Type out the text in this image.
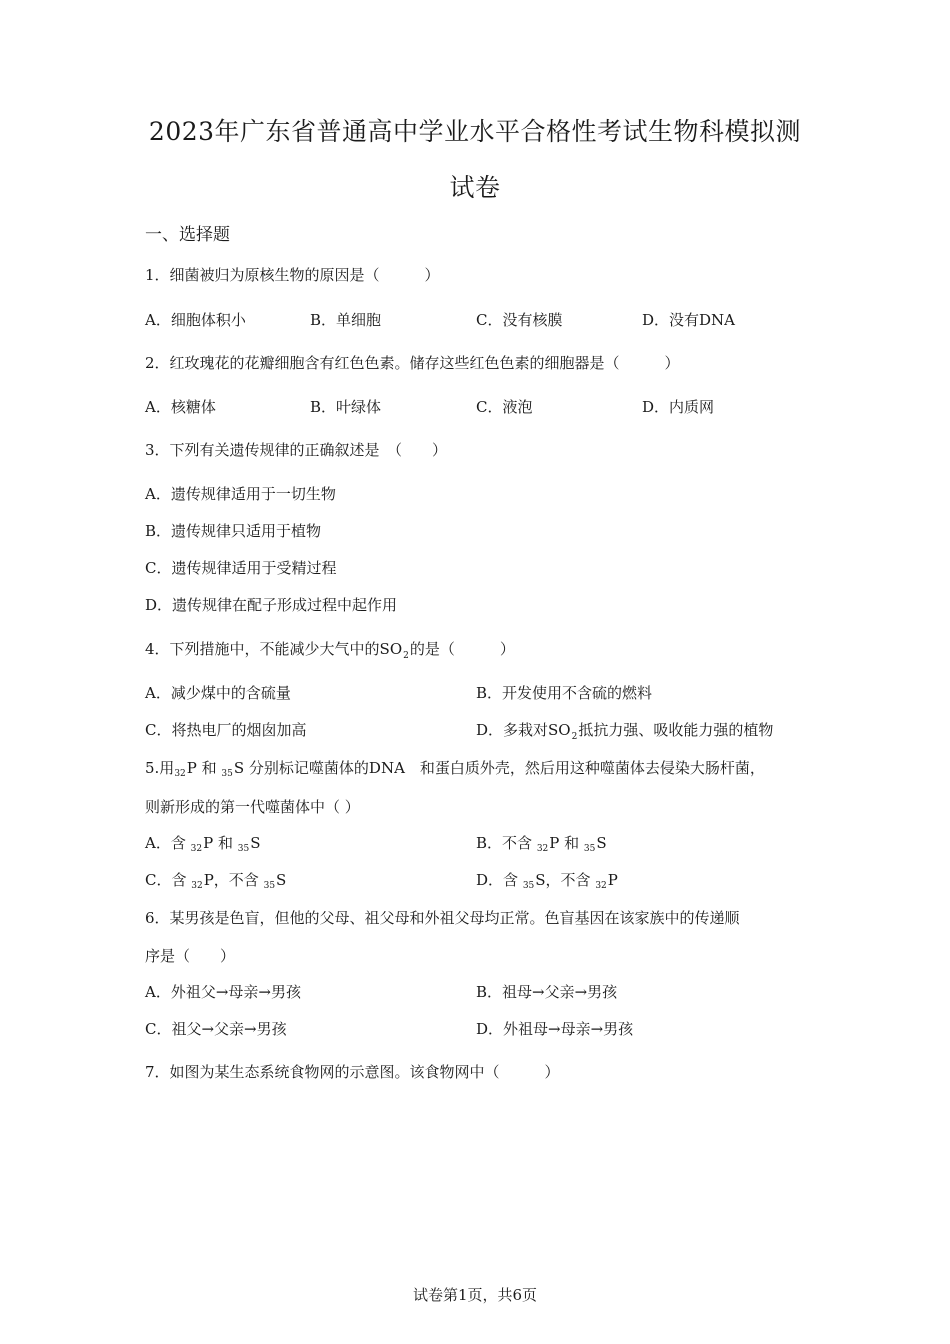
2023年广东省普通高中学业水平合格性考试生物科模拟测
试卷
一、选择题
1．细菌被归为原核生物的原因是（　　　）
A．细胞体积小	B．单细胞	C．没有核膜	D．没有DNA
2．红玫瑰花的花瓣细胞含有红色色素。储存这些红色色素的细胞器是（　　　）
A．核糖体	B．叶绿体	C．液泡	D．内质网
3．下列有关遗传规律的正确叙述是　（　　）
A．遗传规律适用于一切生物
B．遗传规律只适用于植物
C．遗传规律适用于受精过程
D．遗传规律在配子形成过程中起作用
4．下列措施中，不能减少大气中的$SO_2$的是（　　　）
A．减少煤中的含硫量	B．开发使用不含硫的燃料
C．将热电厂的烟囱加高	D．多栽对$SO_2$抵抗力强、吸收能力强的植物
5.用$_{32}$P 和 $_{35}$S 分别标记噬菌体的DNA　和蛋白质外壳，然后用这种噬菌体去侵染大肠杆菌，
则新形成的第一代噬菌体中（ ）
A．含 $_{32}$P 和 $_{35}$S	B．不含 $_{32}$P 和 $_{35}$S
C．含 $_{32}$P，不含 $_{35}$S	D．含 $_{35}$S，不含 $_{32}$P
6．某男孩是色盲，但他的父母、祖父母和外祖父母均正常。色盲基因在该家族中的传递顺
序是（　　）
A．外祖父→母亲→男孩	B．祖母→父亲→男孩
C．祖父→父亲→男孩	D．外祖母→母亲→男孩
7．如图为某生态系统食物网的示意图。该食物网中（　　　）
试卷第1页，共6页
